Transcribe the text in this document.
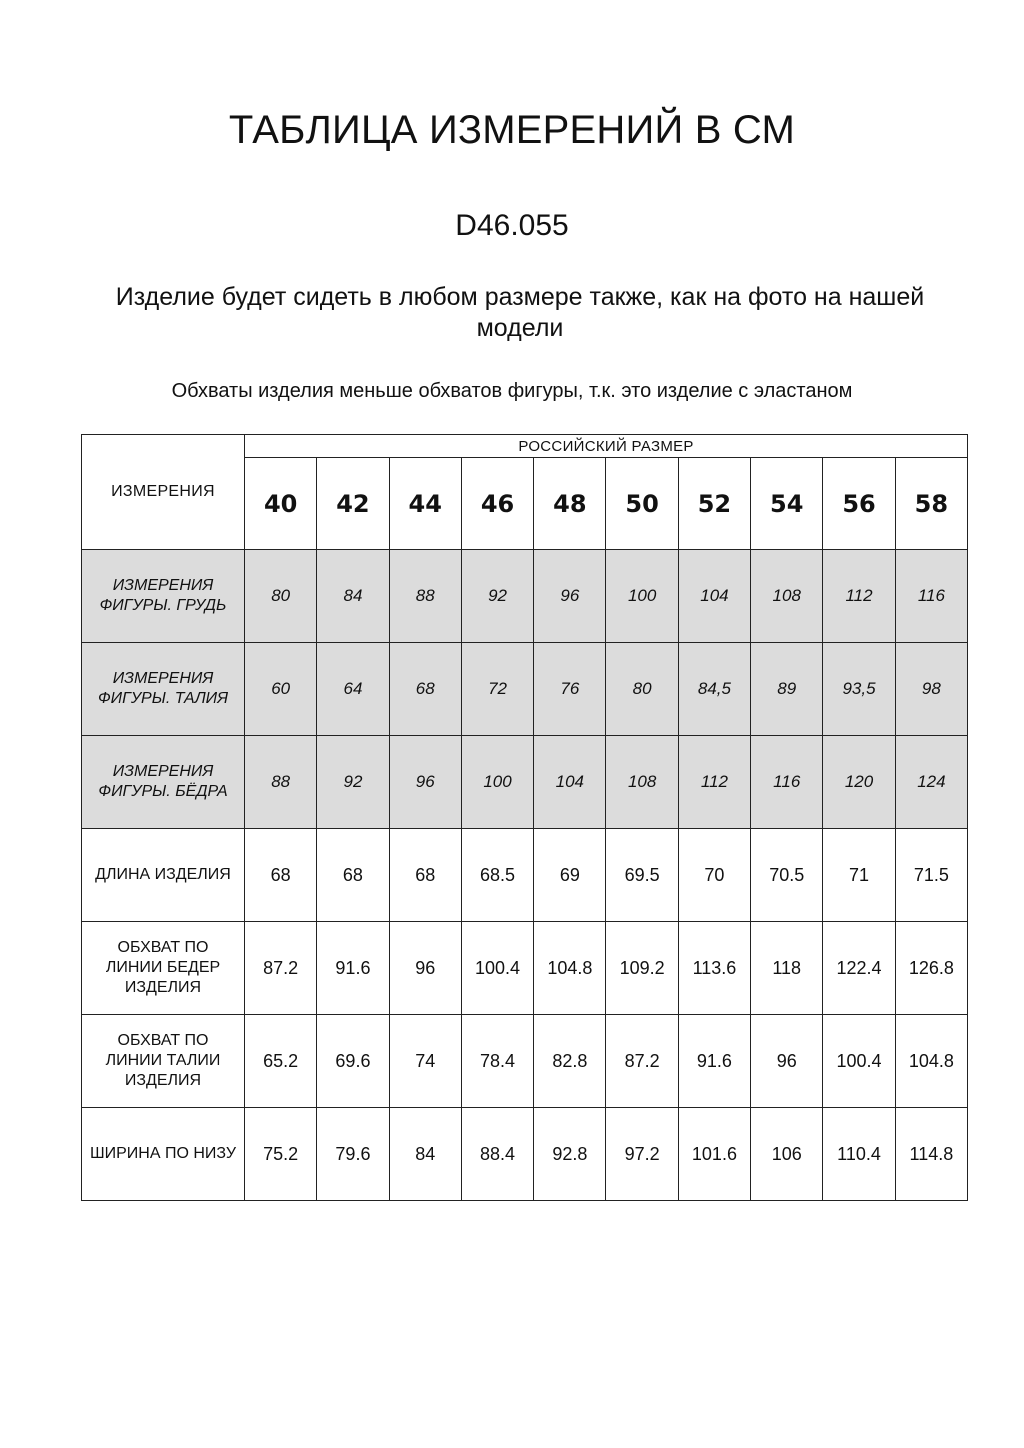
ТАБЛИЦА ИЗМЕРЕНИЙ В СМ
D46.055
Изделие будет сидеть в любом размере также, как на фото на нашей модели
Обхваты изделия меньше обхватов фигуры, т.к. это изделие с эластаном
ИЗМЕРЕНИЯ	РОССИЙСКИЙ РАЗМЕР									
	40	42	44	46	48	50	52	54	56	58
ИЗМЕРЕНИЯ ФИГУРЫ. ГРУДЬ	80	84	88	92	96	100	104	108	112	116
ИЗМЕРЕНИЯ ФИГУРЫ. ТАЛИЯ	60	64	68	72	76	80	84,5	89	93,5	98
ИЗМЕРЕНИЯ ФИГУРЫ. БЁДРА	88	92	96	100	104	108	112	116	120	124
ДЛИНА ИЗДЕЛИЯ	68	68	68	68.5	69	69.5	70	70.5	71	71.5
ОБХВАТ ПО ЛИНИИ БЕДЕР ИЗДЕЛИЯ	87.2	91.6	96	100.4	104.8	109.2	113.6	118	122.4	126.8
ОБХВАТ ПО ЛИНИИ ТАЛИИ ИЗДЕЛИЯ	65.2	69.6	74	78.4	82.8	87.2	91.6	96	100.4	104.8
ШИРИНА ПО НИЗУ	75.2	79.6	84	88.4	92.8	97.2	101.6	106	110.4	114.8
